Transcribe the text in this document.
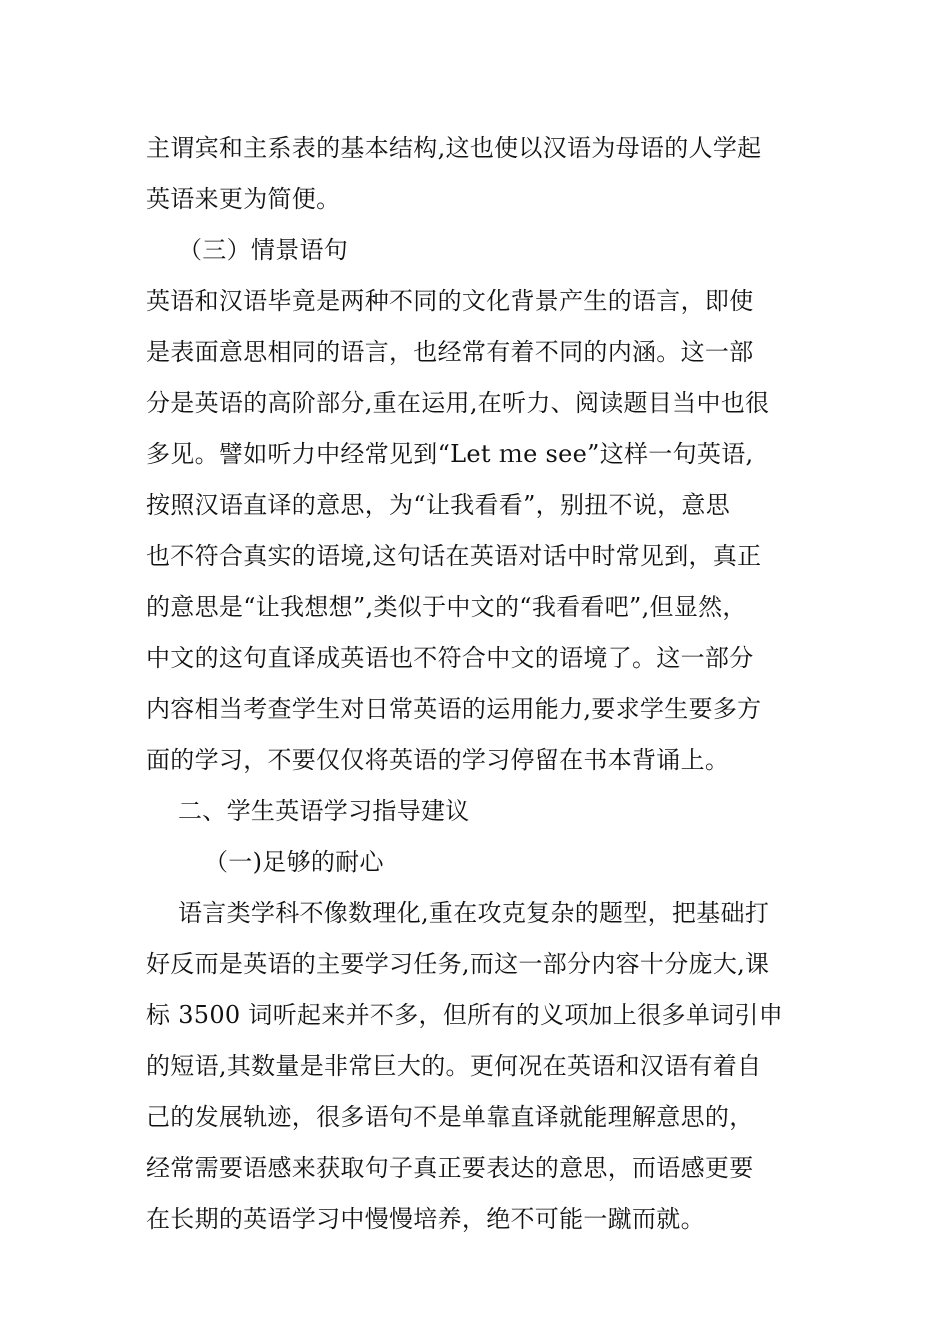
主谓宾和主系表的基本结构,这也使以汉语为母语的人学起
英语来更为简便。
（三）情景语句
英语和汉语毕竟是两种不同的文化背景产生的语言，即使
是表面意思相同的语言，也经常有着不同的内涵。这一部
分是英语的高阶部分,重在运用,在听力、阅读题目当中也很
多见。譬如听力中经常见到“Let ｍe see”这样一句英语,
按照汉语直译的意思，为“让我看看”，别扭不说，意思
也不符合真实的语境,这句话在英语对话中时常见到，真正
的意思是“让我想想”,类似于中文的“我看看吧”,但显然，
中文的这句直译成英语也不符合中文的语境了。这一部分
内容相当考查学生对日常英语的运用能力,要求学生要多方
面的学习，不要仅仅将英语的学习停留在书本背诵上。
二、学生英语学习指导建议
（一)足够的耐心
语言类学科不像数理化,重在攻克复杂的题型，把基础打
好反而是英语的主要学习任务,而这一部分内容十分庞大,课
标 3500 词听起来并不多，但所有的义项加上很多单词引申
的短语,其数量是非常巨大的。更何况在英语和汉语有着自
己的发展轨迹，很多语句不是单靠直译就能理解意思的，
经常需要语感来获取句子真正要表达的意思，而语感更要
在长期的英语学习中慢慢培养，绝不可能一蹴而就。
